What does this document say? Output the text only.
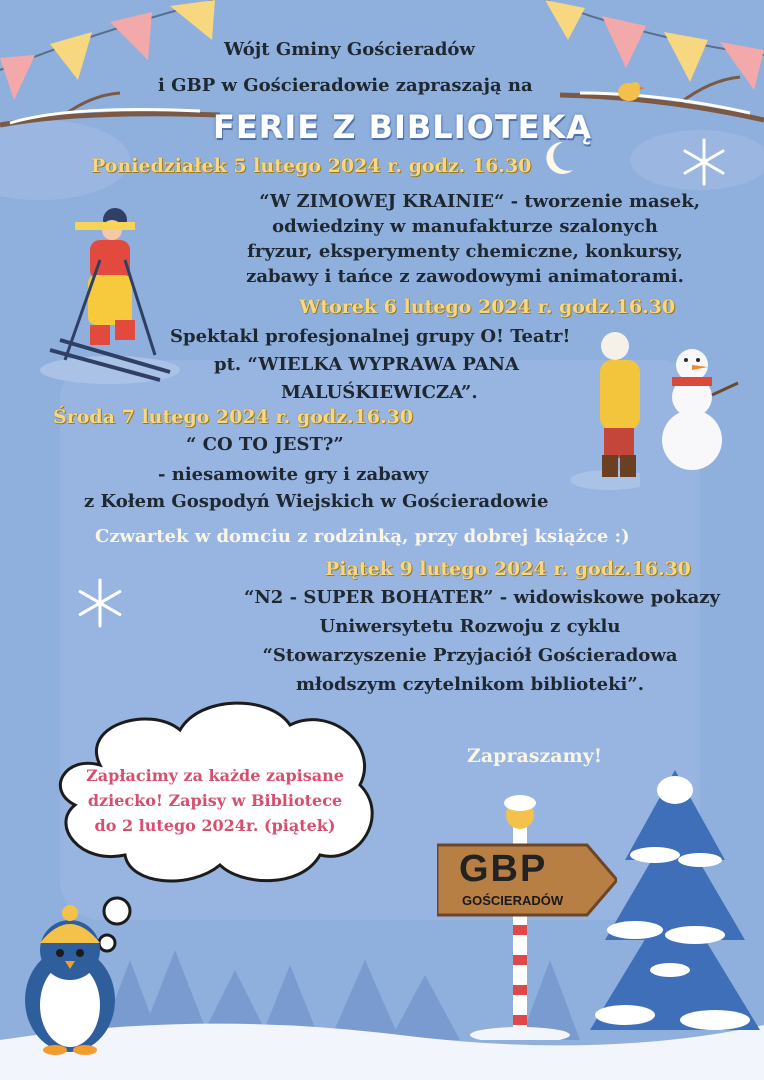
GBP
GOŚCIERADÓW

Wójt Gminy Gościeradów

i GBP w Gościeradowie zapraszają na

FERIE Z BIBLIOTEKĄ

Poniedziałek 5 lutego 2024 r. godz. 16.30

“W ZIMOWEJ KRAINIE“ - tworzenie masek,
odwiedziny w manufakturze szalonych
fryzur, eksperymenty chemiczne, konkursy,
zabawy i tańce z zawodowymi animatorami.

Wtorek 6 lutego 2024 r. godz.16.30

Spektakl profesjonalnej grupy O! Teatr!

pt. “WIELKA WYPRAWA PANA

MALUŚKIEWICZA”.

Środa 7 lutego 2024 r. godz.16.30

“ CO TO JEST?”

- niesamowite gry i zabawy

z Kołem Gospodyń Wiejskich w Gościeradowie

Czwartek w domciu z rodzinką, przy dobrej książce :)

Piątek 9 lutego 2024 r. godz.16.30

“N2 - SUPER BOHATER” - widowiskowe pokazy
Uniwersytetu Rozwoju z cyklu
“Stowarzyszenie Przyjaciół Gościeradowa
młodszym czytelnikom biblioteki”.
Zapłacimy za każde zapisane
dziecko! Zapisy w Bibliotece
do 2 lutego 2024r. (piątek)

Zapraszamy!
